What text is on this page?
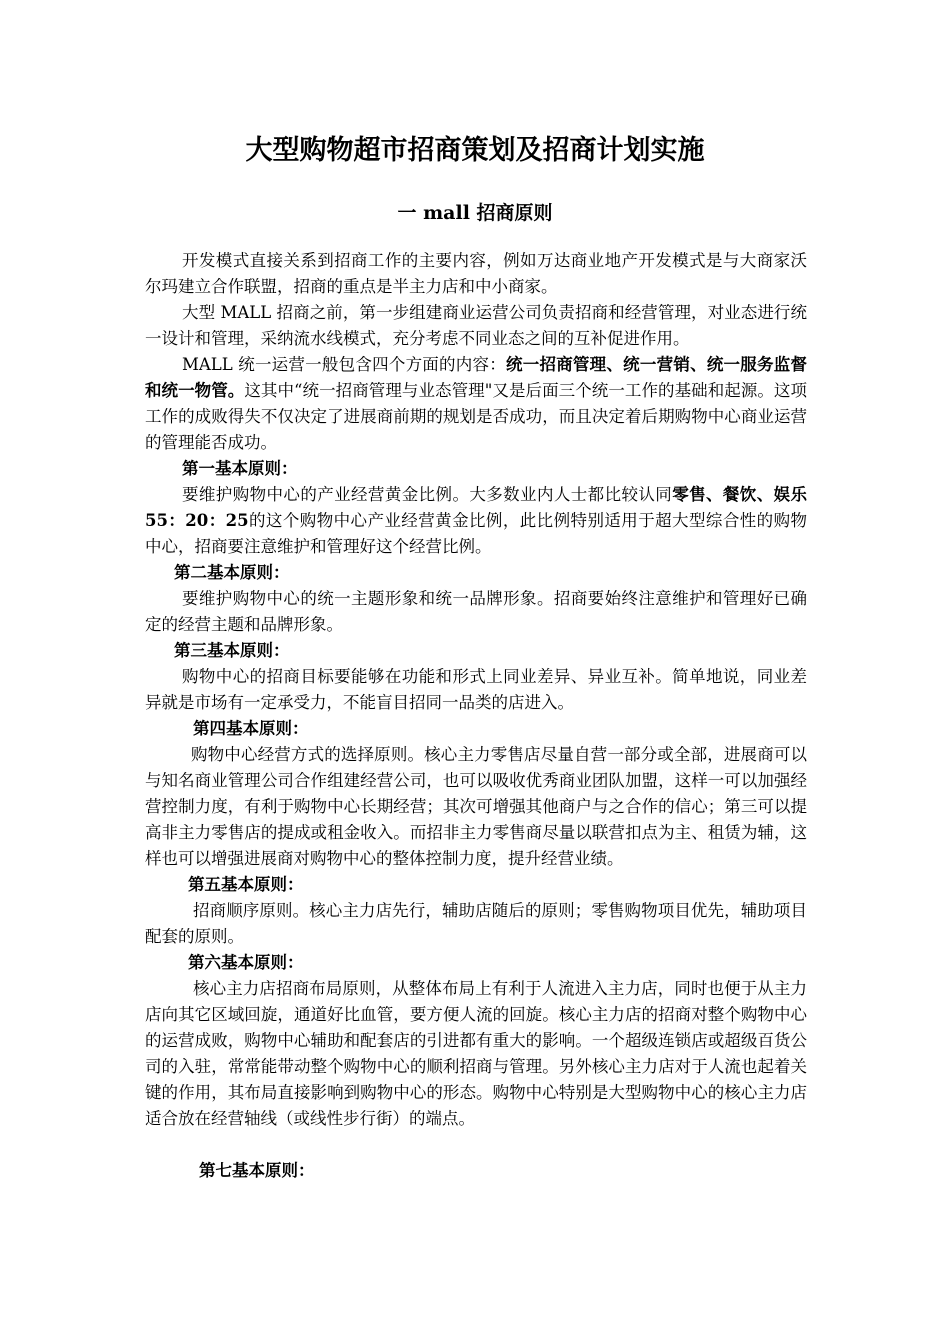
大型购物超市招商策划及招商计划实施
一 mall 招商原则

开发模式直接关系到招商工作的主要内容，例如万达商业地产开发模式是与大商家沃尔玛建立合作联盟，招商的重点是半主力店和中小商家。

大型 MALL 招商之前，第一步组建商业运营公司负责招商和经营管理，对业态进行统一设计和管理，采纳流水线模式，充分考虑不同业态之间的互补促进作用。

MALL 统一运营一般包含四个方面的内容：统一招商管理、统一营销、统一服务监督和统一物管。这其中“统一招商管理与业态管理"又是后面三个统一工作的基础和起源。这项工作的成败得失不仅决定了进展商前期的规划是否成功，而且决定着后期购物中心商业运营的管理能否成功。

第一基本原则：

要维护购物中心的产业经营黄金比例。大多数业内人士都比较认同零售、餐饮、娱乐 55：20：25的这个购物中心产业经营黄金比例，此比例特别适用于超大型综合性的购物中心，招商要注意维护和管理好这个经营比例。

第二基本原则：

要维护购物中心的统一主题形象和统一品牌形象。招商要始终注意维护和管理好已确定的经营主题和品牌形象。

第三基本原则：

购物中心的招商目标要能够在功能和形式上同业差异、异业互补。简单地说，同业差异就是市场有一定承受力，不能盲目招同一品类的店进入。

第四基本原则：

购物中心经营方式的选择原则。核心主力零售店尽量自营一部分或全部，进展商可以与知名商业管理公司合作组建经营公司，也可以吸收优秀商业团队加盟，这样一可以加强经营控制力度，有利于购物中心长期经营；其次可增强其他商户与之合作的信心；第三可以提高非主力零售店的提成或租金收入。而招非主力零售商尽量以联营扣点为主、租赁为辅，这样也可以增强进展商对购物中心的整体控制力度，提升经营业绩。

第五基本原则：

招商顺序原则。核心主力店先行，辅助店随后的原则；零售购物项目优先，辅助项目配套的原则。

第六基本原则：

核心主力店招商布局原则，从整体布局上有利于人流进入主力店，同时也便于从主力店向其它区域回旋，通道好比血管，要方便人流的回旋。核心主力店的招商对整个购物中心的运营成败，购物中心辅助和配套店的引进都有重大的影响。一个超级连锁店或超级百货公司的入驻，常常能带动整个购物中心的顺利招商与管理。另外核心主力店对于人流也起着关键的作用，其布局直接影响到购物中心的形态。购物中心特别是大型购物中心的核心主力店适合放在经营轴线（或线性步行街）的端点。

第七基本原则：
